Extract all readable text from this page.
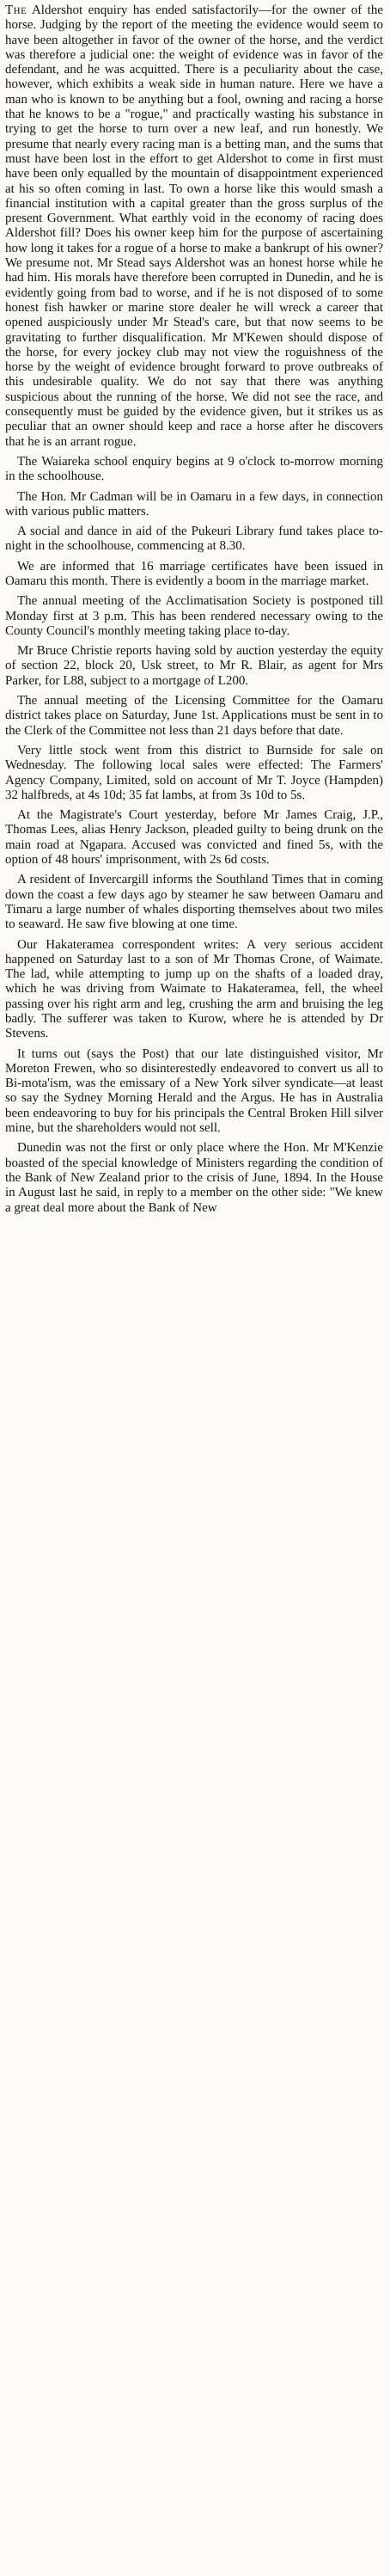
The Aldershot enquiry has ended satisfactorily—for the owner of the horse. Judging by the report of the meeting the evidence would seem to have been altogether in favor of the owner of the horse, and the verdict was therefore a judicial one: the weight of evidence was in favor of the defendant, and he was acquitted. There is a peculiarity about the case, however, which exhibits a weak side in human nature. Here we have a man who is known to be anything but a fool, owning and racing a horse that he knows to be a "rogue," and practically wasting his substance in trying to get the horse to turn over a new leaf, and run honestly. We presume that nearly every racing man is a betting man, and the sums that must have been lost in the effort to get Aldershot to come in first must have been only equalled by the mountain of disappointment experienced at his so often coming in last. To own a horse like this would smash a financial institution with a capital greater than the gross surplus of the present Government. What earthly void in the economy of racing does Aldershot fill? Does his owner keep him for the purpose of ascertaining how long it takes for a rogue of a horse to make a bankrupt of his owner? We presume not. Mr Stead says Aldershot was an honest horse while he had him. His morals have therefore been corrupted in Dunedin, and he is evidently going from bad to worse, and if he is not disposed of to some honest fish hawker or marine store dealer he will wreck a career that opened auspiciously under Mr Stead's care, but that now seems to be gravitating to further disqualification. Mr M'Kewen should dispose of the horse, for every jockey club may not view the roguishness of the horse by the weight of evidence brought forward to prove outbreaks of this undesirable quality. We do not say that there was anything suspicious about the running of the horse. We did not see the race, and consequently must be guided by the evidence given, but it strikes us as peculiar that an owner should keep and race a horse after he discovers that he is an arrant rogue.

The Waiareka school enquiry begins at 9 o'clock to-morrow morning in the schoolhouse.

The Hon. Mr Cadman will be in Oamaru in a few days, in connection with various public matters.

A social and dance in aid of the Pukeuri Library fund takes place to-night in the schoolhouse, commencing at 8.30.

We are informed that 16 marriage certificates have been issued in Oamaru this month. There is evidently a boom in the marriage market.

The annual meeting of the Acclimatisation Society is postponed till Monday first at 3 p.m. This has been rendered necessary owing to the County Council's monthly meeting taking place to-day.

Mr Bruce Christie reports having sold by auction yesterday the equity of section 22, block 20, Usk street, to Mr R. Blair, as agent for Mrs Parker, for L88, subject to a mortgage of L200.

The annual meeting of the Licensing Committee for the Oamaru district takes place on Saturday, June 1st. Applications must be sent in to the Clerk of the Committee not less than 21 days before that date.

Very little stock went from this district to Burnside for sale on Wednesday. The following local sales were effected: The Farmers' Agency Company, Limited, sold on account of Mr T. Joyce (Hampden) 32 halfbreds, at 4s 10d; 35 fat lambs, at from 3s 10d to 5s.

At the Magistrate's Court yesterday, before Mr James Craig, J.P., Thomas Lees, alias Henry Jackson, pleaded guilty to being drunk on the main road at Ngapara. Accused was convicted and fined 5s, with the option of 48 hours' imprisonment, with 2s 6d costs.

A resident of Invercargill informs the Southland Times that in coming down the coast a few days ago by steamer he saw between Oamaru and Timaru a large number of whales disporting themselves about two miles to seaward. He saw five blowing at one time.

Our Hakateramea correspondent writes: A very serious accident happened on Saturday last to a son of Mr Thomas Crone, of Waimate. The lad, while attempting to jump up on the shafts of a loaded dray, which he was driving from Waimate to Hakateramea, fell, the wheel passing over his right arm and leg, crushing the arm and bruising the leg badly. The sufferer was taken to Kurow, where he is attended by Dr Stevens.

It turns out (says the Post) that our late distinguished visitor, Mr Moreton Frewen, who so disinterestedly endeavored to convert us all to Bi-mota'ism, was the emissary of a New York silver syndicate—at least so say the Sydney Morning Herald and the Argus. He has in Australia been endeavoring to buy for his principals the Central Broken Hill silver mine, but the shareholders would not sell.

Dunedin was not the first or only place where the Hon. Mr M'Kenzie boasted of the special knowledge of Ministers regarding the condition of the Bank of New Zealand prior to the crisis of June, 1894. In the House in August last he said, in reply to a member on the other side: "We knew a great deal more about the Bank of New
